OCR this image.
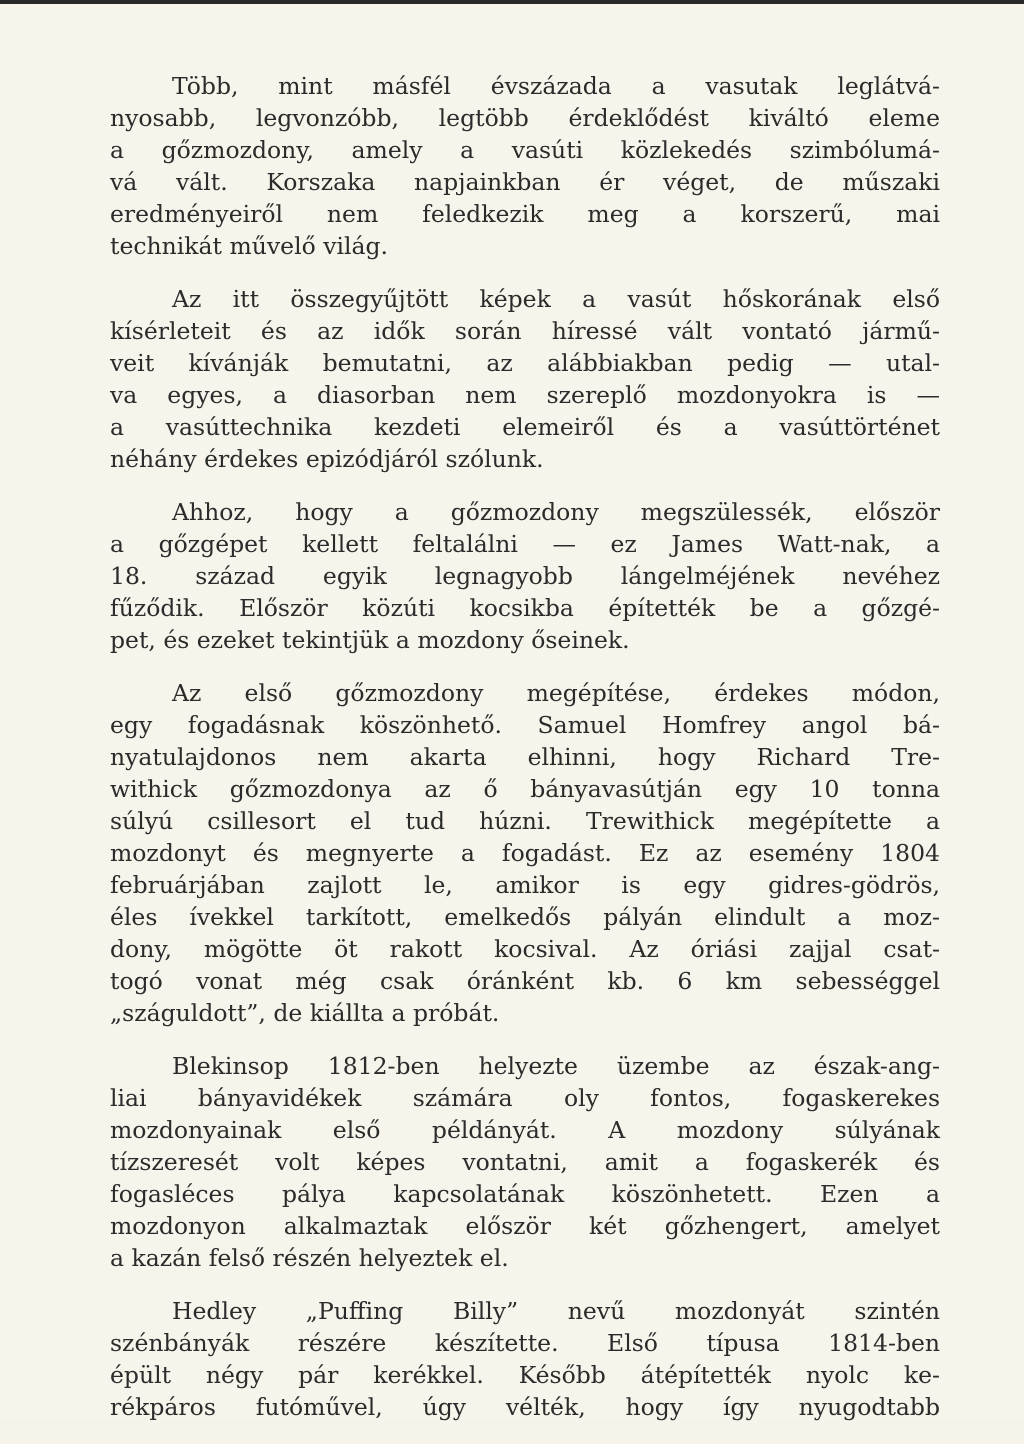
Több, mint másfél évszázada a vasutak leglátvá-
nyosabb, legvonzóbb, legtöbb érdeklődést kiváltó eleme
a gőzmozdony, amely a vasúti közlekedés szimbólumá-
vá vált. Korszaka napjainkban ér véget, de műszaki
eredményeiről nem feledkezik meg a korszerű, mai
technikát művelő világ.
Az itt összegyűjtött képek a vasút hőskorának első
kísérleteit és az idők során híressé vált vontató jármű-
veit kívánják bemutatni, az alábbiakban pedig — utal-
va egyes, a diasorban nem szereplő mozdonyokra is —
a vasúttechnika kezdeti elemeiről és a vasúttörténet
néhány érdekes epizódjáról szólunk.
Ahhoz, hogy a gőzmozdony megszülessék, először
a gőzgépet kellett feltalálni — ez James Watt-nak, a
18. század egyik legnagyobb lángelméjének nevéhez
fűződik. Először közúti kocsikba építették be a gőzgé-
pet, és ezeket tekintjük a mozdony őseinek.
Az első gőzmozdony megépítése, érdekes módon,
egy fogadásnak köszönhető. Samuel Homfrey angol bá-
nyatulajdonos nem akarta elhinni, hogy Richard Tre-
withick gőzmozdonya az ő bányavasútján egy 10 tonna
súlyú csillesort el tud húzni. Trewithick megépítette a
mozdonyt és megnyerte a fogadást. Ez az esemény 1804
februárjában zajlott le, amikor is egy gidres-gödrös,
éles ívekkel tarkított, emelkedős pályán elindult a moz-
dony, mögötte öt rakott kocsival. Az óriási zajjal csat-
togó vonat még csak óránként kb. 6 km sebességgel
„száguldott”, de kiállta a próbát.
Blekinsop 1812-ben helyezte üzembe az észak-ang-
liai bányavidékek számára oly fontos, fogaskerekes
mozdonyainak első példányát. A mozdony súlyának
tízszeresét volt képes vontatni, amit a fogaskerék és
fogasléces pálya kapcsolatának köszönhetett. Ezen a
mozdonyon alkalmaztak először két gőzhengert, amelyet
a kazán felső részén helyeztek el.
Hedley „Puffing Billy” nevű mozdonyát szintén
szénbányák részére készítette. Első típusa 1814-ben
épült négy pár kerékkel. Később átépítették nyolc ke-
rékpáros futóművel, úgy vélték, hogy így nyugodtabb
